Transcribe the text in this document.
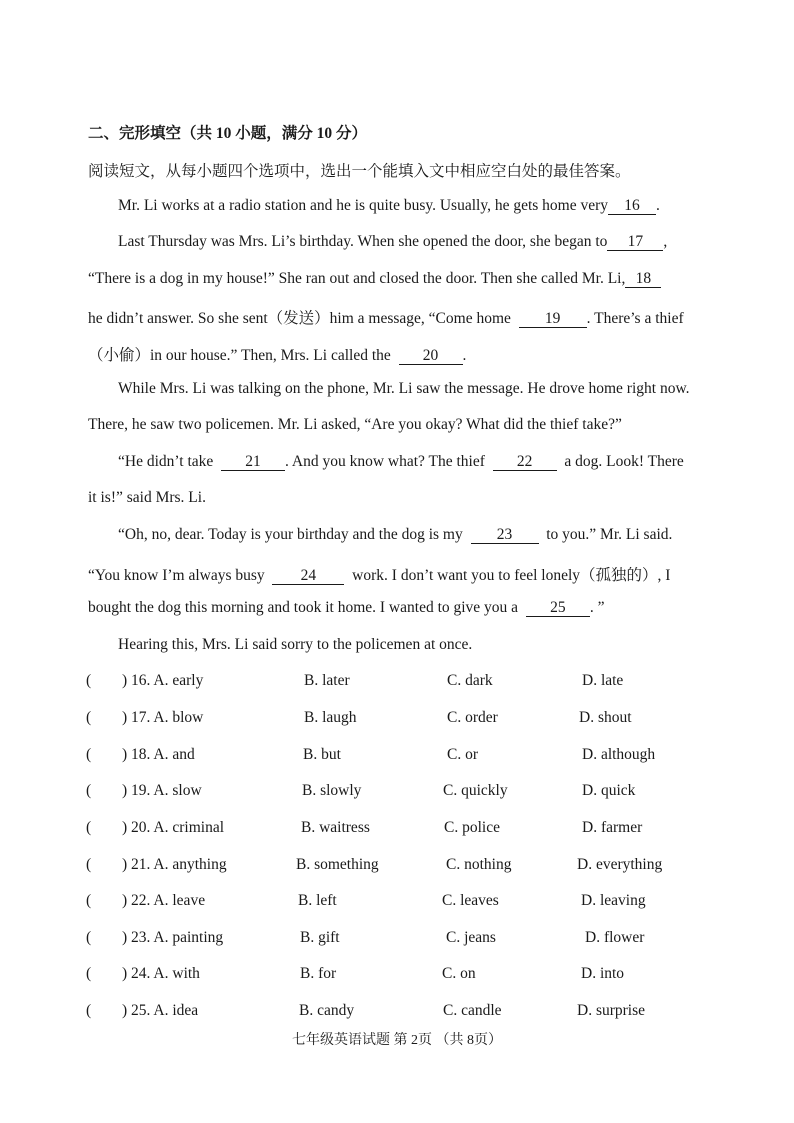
二、完形填空（共 10 小题，满分 10 分）
阅读短文，从每小题四个选项中，选出一个能填入文中相应空白处的最佳答案。
Mr. Li works at a radio station and he is quite busy. Usually, he gets home very 16 .
Last Thursday was Mrs. Li’s birthday. When she opened the door, she began to 17 ,
“There is a dog in my house!” She ran out and closed the door. Then she called Mr. Li, 18
he didn’t answer. So she sent（发送）him a message, “Come home 19 . There’s a thief
（小偷）in our house.” Then, Mrs. Li called the 20 .
While Mrs. Li was talking on the phone, Mr. Li saw the message. He drove home right now.
There, he saw two policemen. Mr. Li asked, “Are you okay? What did the thief take?”
“He didn’t take 21 . And you know what? The thief 22 a dog. Look! There
it is!” said Mrs. Li.
“Oh, no, dear. Today is your birthday and the dog is my 23 to you.” Mr. Li said.
“You know I’m always busy 24 work. I don’t want you to feel lonely（孤独的）, I
bought the dog this morning and took it home. I wanted to give you a 25 . ”
Hearing this, Mrs. Li said sorry to the policemen at once.
( ) 16. A. early	B. later	C. dark	D. late
( ) 17. A. blow	B. laugh	C. order	D. shout
( ) 18. A. and	B. but	C. or	D. although
( ) 19. A. slow	B. slowly	C. quickly	D. quick
( ) 20. A. criminal	B. waitress	C. police	D. farmer
( ) 21. A. anything	B. something	C. nothing	D. everything
( ) 22. A. leave	B. left	C. leaves	D. leaving
( ) 23. A. painting	B. gift	C. jeans	D. flower
( ) 24. A. with	B. for	C. on	D. into
( ) 25. A. idea	B. candy	C. candle	D. surprise
七年级英语试题 第 2页 （共 8页）
